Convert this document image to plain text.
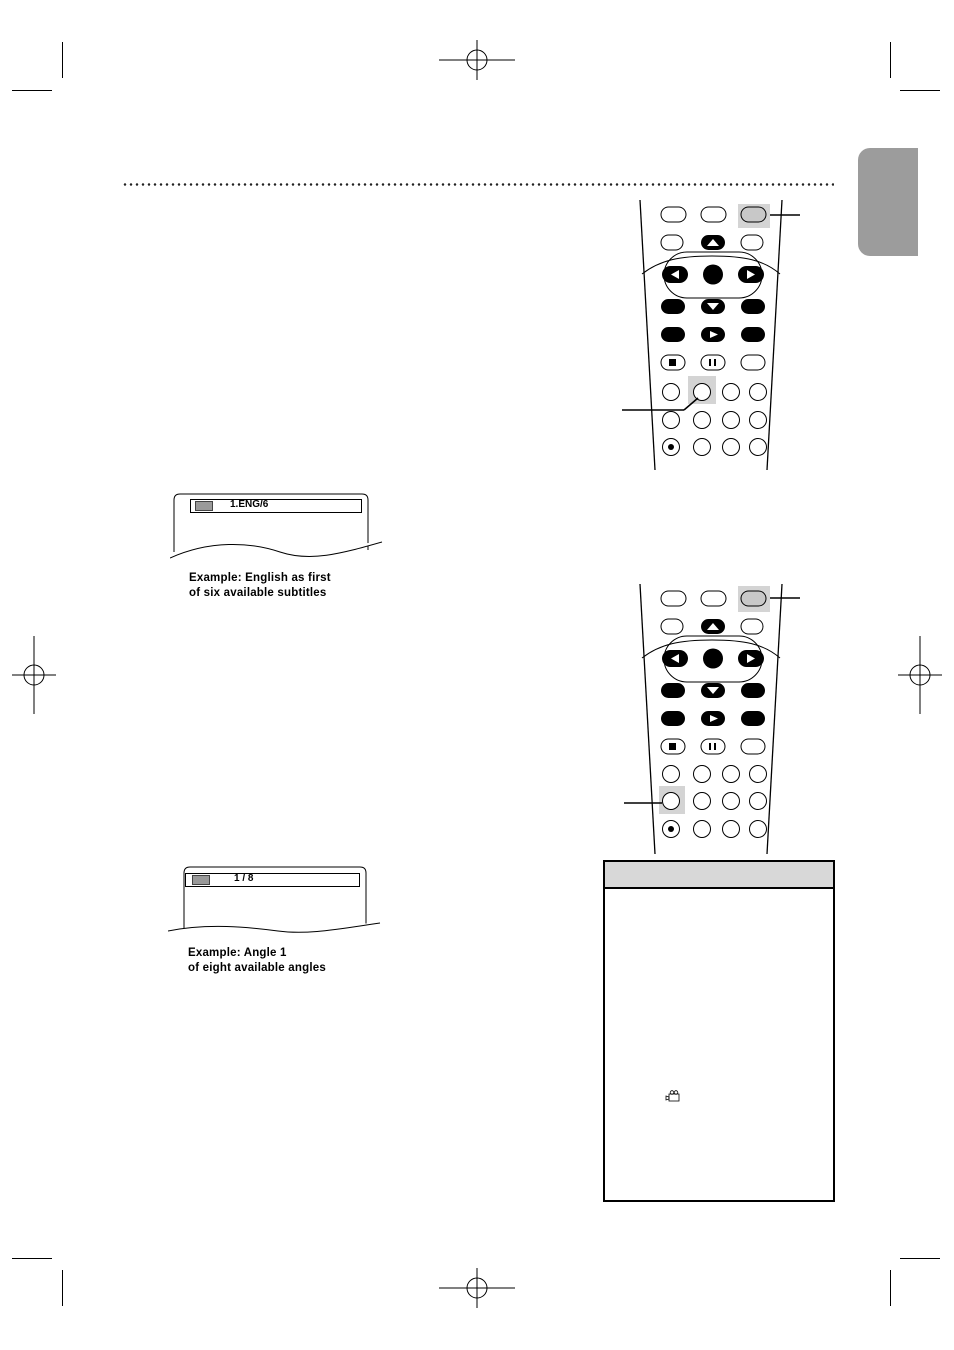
1.ENG/6
Example: English as first
of six available subtitles
1 / 8
Example: Angle 1
of eight available angles
